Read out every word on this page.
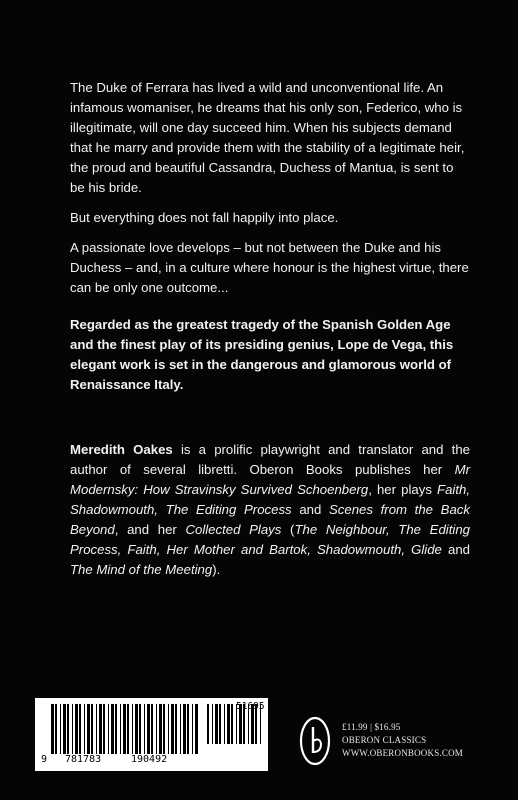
The Duke of Ferrara has lived a wild and unconventional life. An infamous womaniser, he dreams that his only son, Federico, who is illegitimate, will one day succeed him. When his subjects demand that he marry and provide them with the stability of a legitimate heir, the proud and beautiful Cassandra, Duchess of Mantua, is sent to be his bride.

But everything does not fall happily into place.

A passionate love develops – but not between the Duke and his Duchess – and, in a culture where honour is the highest virtue, there can be only one outcome...

Regarded as the greatest tragedy of the Spanish Golden Age and the finest play of its presiding genius, Lope de Vega, this elegant work is set in the dangerous and glamorous world of Renaissance Italy.

Meredith Oakes is a prolific playwright and translator and the author of several libretti. Oberon Books publishes her Mr Modernsky: How Stravinsky Survived Schoenberg, her plays Faith, Shadowmouth, The Editing Process and Scenes from the Back Beyond, and her Collected Plays (The Neighbour, The Editing Process, Faith, Her Mother and Bartok, Shadowmouth, Glide and The Mind of the Meeting).

51695
9 781783	190492
£11.99 | $16.95
OBERON CLASSICS
WWW.OBERONBOOKS.COM
